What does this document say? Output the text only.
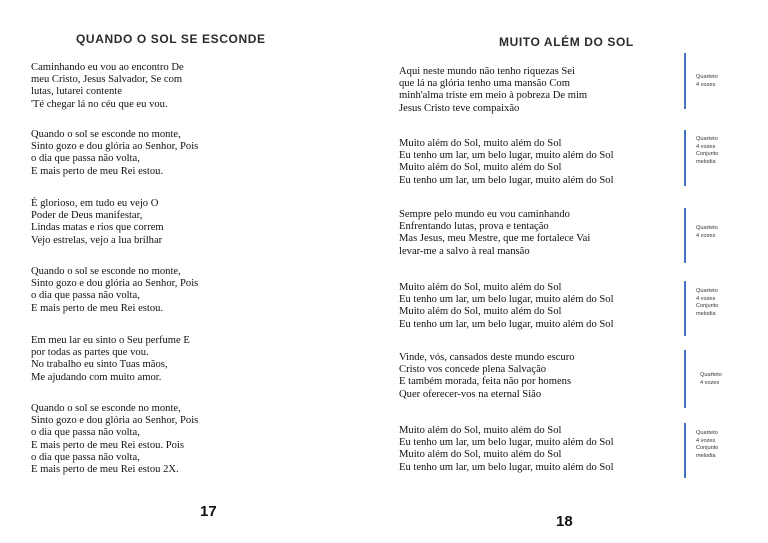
QUANDO O SOL SE ESCONDE
Caminhando eu vou ao encontro De
meu Cristo, Jesus Salvador, Se com
lutas, lutarei contente
'Té chegar lá no céu que eu vou.
Quando o sol se esconde no monte,
Sinto gozo e dou glória ao Senhor, Pois
o dia que passa não volta,
E mais perto de meu Rei estou.
É glorioso, em tudo eu vejo O
Poder de Deus manifestar,
Lindas matas e rios que correm
Vejo estrelas, vejo a lua brilhar
Quando o sol se esconde no monte,
Sinto gozo e dou glória ao Senhor, Pois
o dia que passa não volta,
E mais perto de meu Rei estou.
Em meu lar eu sinto o Seu perfume E
por todas as partes que vou.
No trabalho eu sinto Tuas mãos,
Me ajudando com muito amor.
Quando o sol se esconde no monte,
Sinto gozo e dou glória ao Senhor, Pois
o dia que passa não volta,
E mais perto de meu Rei estou. Pois
o dia que passa não volta,
E mais perto de meu Rei estou 2X.
17
MUITO ALÉM DO SOL
Aqui neste mundo não tenho riquezas Sei
que lá na glória tenho uma mansão Com
minh'alma triste em meio à pobreza De mim
Jesus Cristo teve compaixão
Quarteto
4 vozes
Muito além do Sol, muito além do Sol
Eu tenho um lar, um belo lugar, muito além do Sol
Muito além do Sol, muito além do Sol
Eu tenho um lar, um belo lugar, muito além do Sol
Quarteto
4 vozes
Conjunto
melodia
Sempre pelo mundo eu vou caminhando
Enfrentando lutas, prova e tentação
Mas Jesus, meu Mestre, que me fortalece Vai
levar-me a salvo à real mansão
Quarteto
4 vozes
Muito além do Sol, muito além do Sol
Eu tenho um lar, um belo lugar, muito além do Sol
Muito além do Sol, muito além do Sol
Eu tenho um lar, um belo lugar, muito além do Sol
Quarteto
4 vozes
Conjunto
melodia
Vinde, vós, cansados deste mundo escuro
Cristo vos concede plena Salvação
E também morada, feita não por homens
Quer oferecer-vos na eternal Sião
Quarteto
4 vozes
Muito além do Sol, muito além do Sol
Eu tenho um lar, um belo lugar, muito além do Sol
Muito além do Sol, muito além do Sol
Eu tenho um lar, um belo lugar, muito além do Sol
Quarteto
4 vozes
Conjunto
melodia
18
